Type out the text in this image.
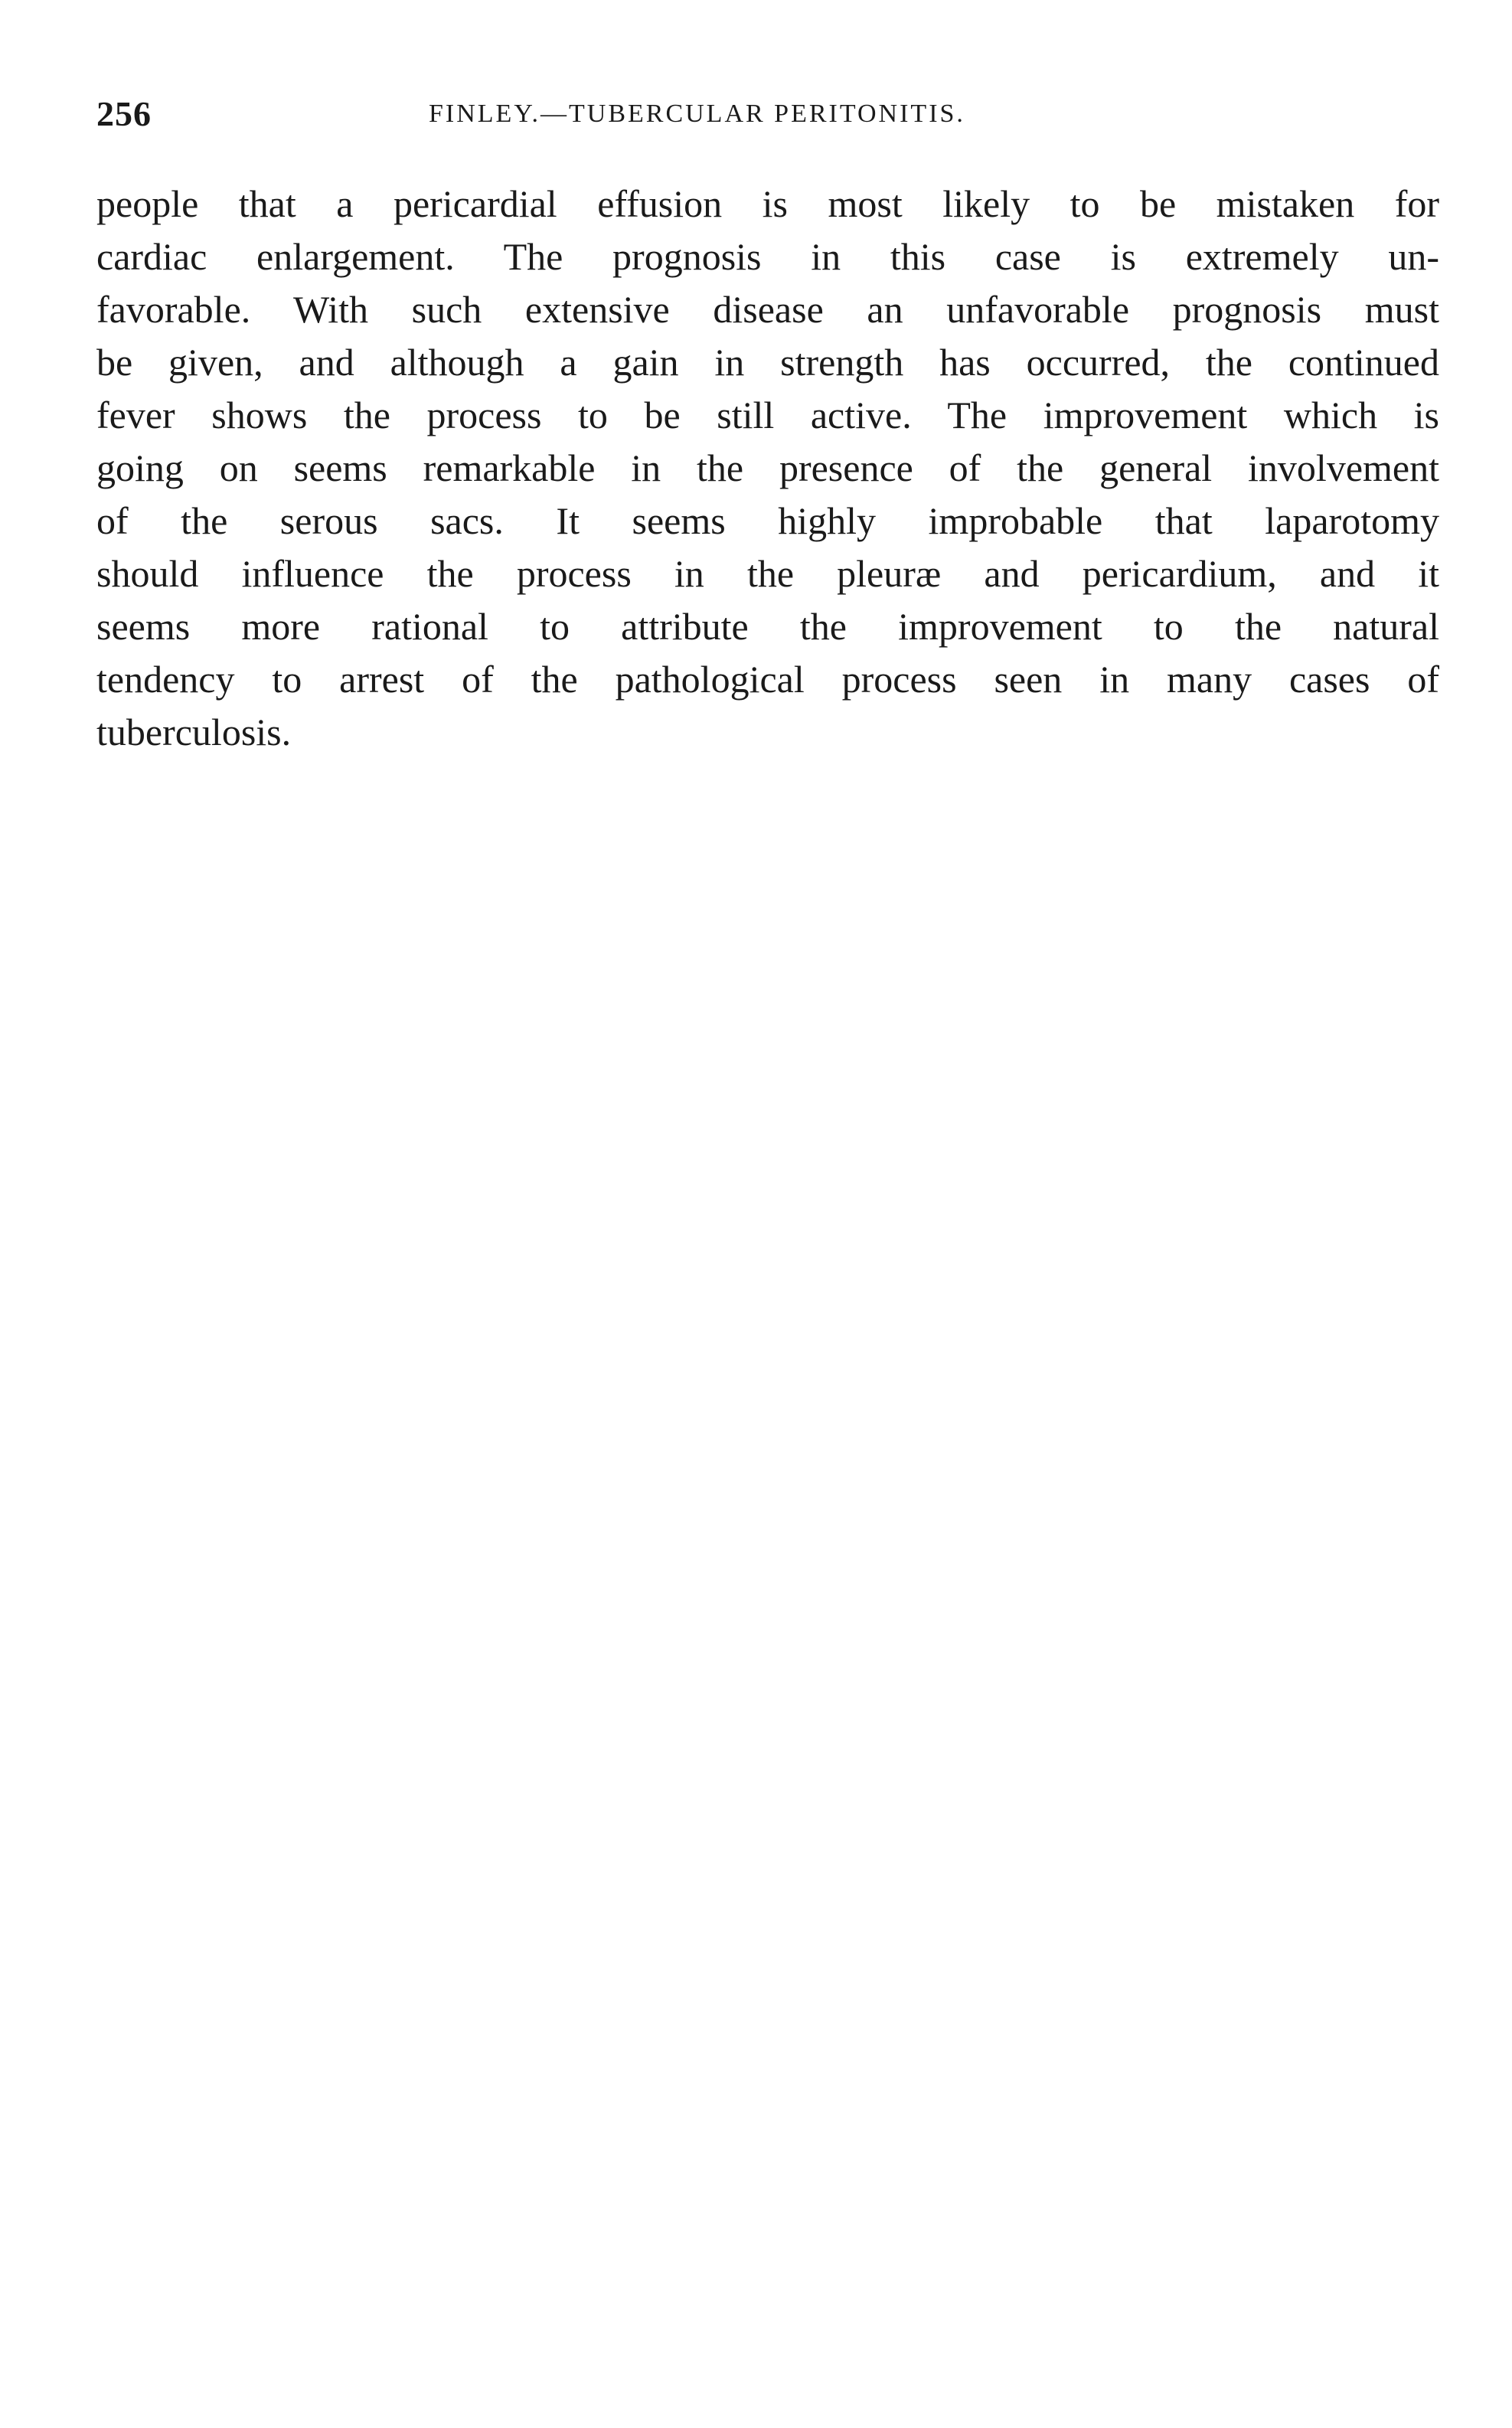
256	FINLEY.—TUBERCULAR PERITONITIS.
people that a pericardial effusion is most likely to be mistaken for
cardiac enlargement. The prognosis in this case is extremely un-
favorable. With such extensive disease an unfavorable prognosis must
be given, and although a gain in strength has occurred, the continued
fever shows the process to be still active. The improvement which is
going on seems remarkable in the presence of the general involvement
of the serous sacs. It seems highly improbable that laparotomy
should influence the process in the pleuræ and pericardium, and it
seems more rational to attribute the improvement to the natural
tendency to arrest of the pathological process seen in many cases of
tuberculosis.
